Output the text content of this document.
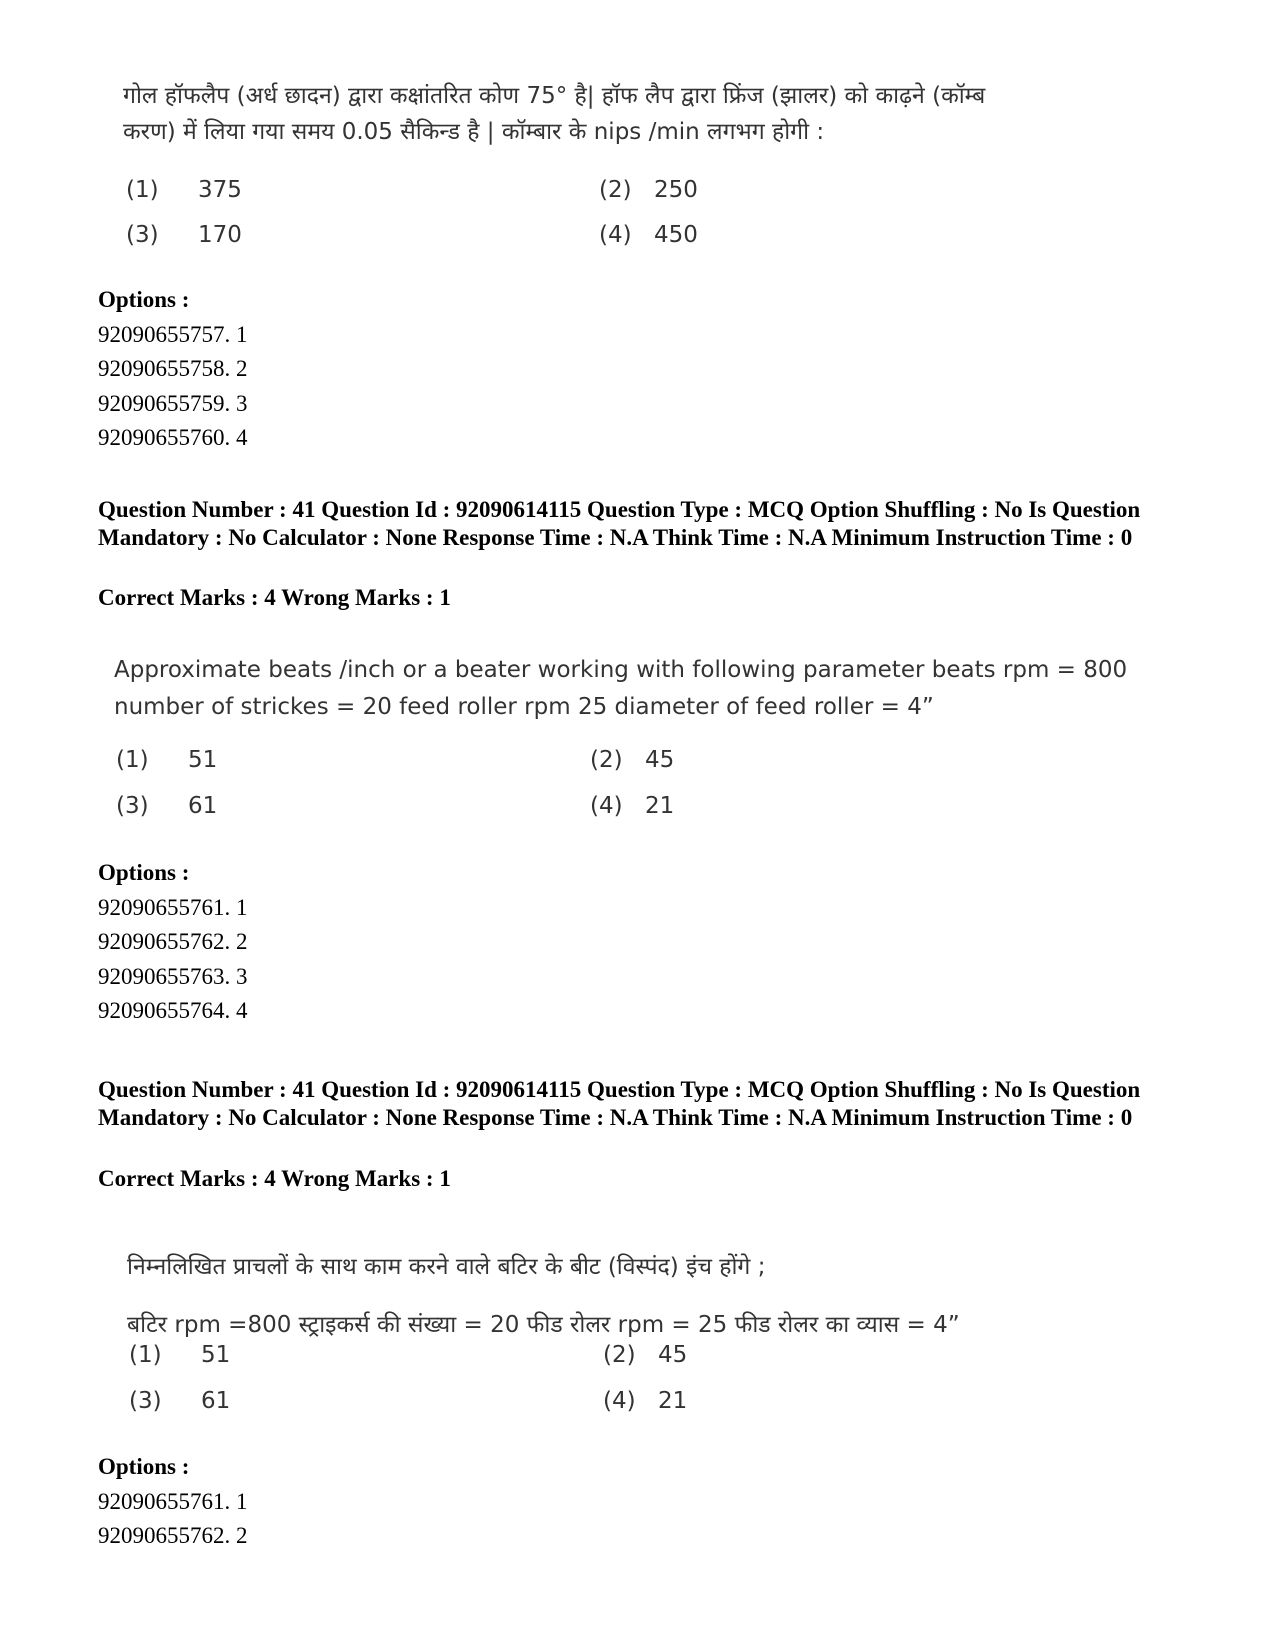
गोल हॉफलैप (अर्ध छादन) द्वारा कक्षांतरित कोण 75° है| हॉफ लैप द्वारा फ्रिंज (झालर) को काढ़ने (कॉम्ब
करण) में लिया गया समय 0.05 सैकिन्ड है | कॉम्बार के nips /min लगभग होगी :
(1) 375	(2) 250
(3) 170	(4) 450
Options :
92090655757. 1
92090655758. 2
92090655759. 3
92090655760. 4
Question Number : 41 Question Id : 92090614115 Question Type : MCQ Option Shuffling : No Is Question Mandatory : No Calculator : None Response Time : N.A Think Time : N.A Minimum Instruction Time : 0
Correct Marks : 4 Wrong Marks : 1
Approximate beats /inch or a beater working with following parameter beats rpm = 800
number of strickes = 20 feed roller rpm 25 diameter of feed roller = 4”
(1) 51	(2) 45
(3) 61	(4) 21
Options :
92090655761. 1
92090655762. 2
92090655763. 3
92090655764. 4
Question Number : 41 Question Id : 92090614115 Question Type : MCQ Option Shuffling : No Is Question Mandatory : No Calculator : None Response Time : N.A Think Time : N.A Minimum Instruction Time : 0
Correct Marks : 4 Wrong Marks : 1
निम्नलिखित प्राचलों के साथ काम करने वाले बटिर के बीट (विस्पंद) इंच होंगे ;
बटिर rpm =800 स्ट्राइकर्स की संख्या = 20 फीड रोलर rpm = 25 फीड रोलर का व्यास = 4”
(1) 51	(2) 45
(3) 61	(4) 21
Options :
92090655761. 1
92090655762. 2
